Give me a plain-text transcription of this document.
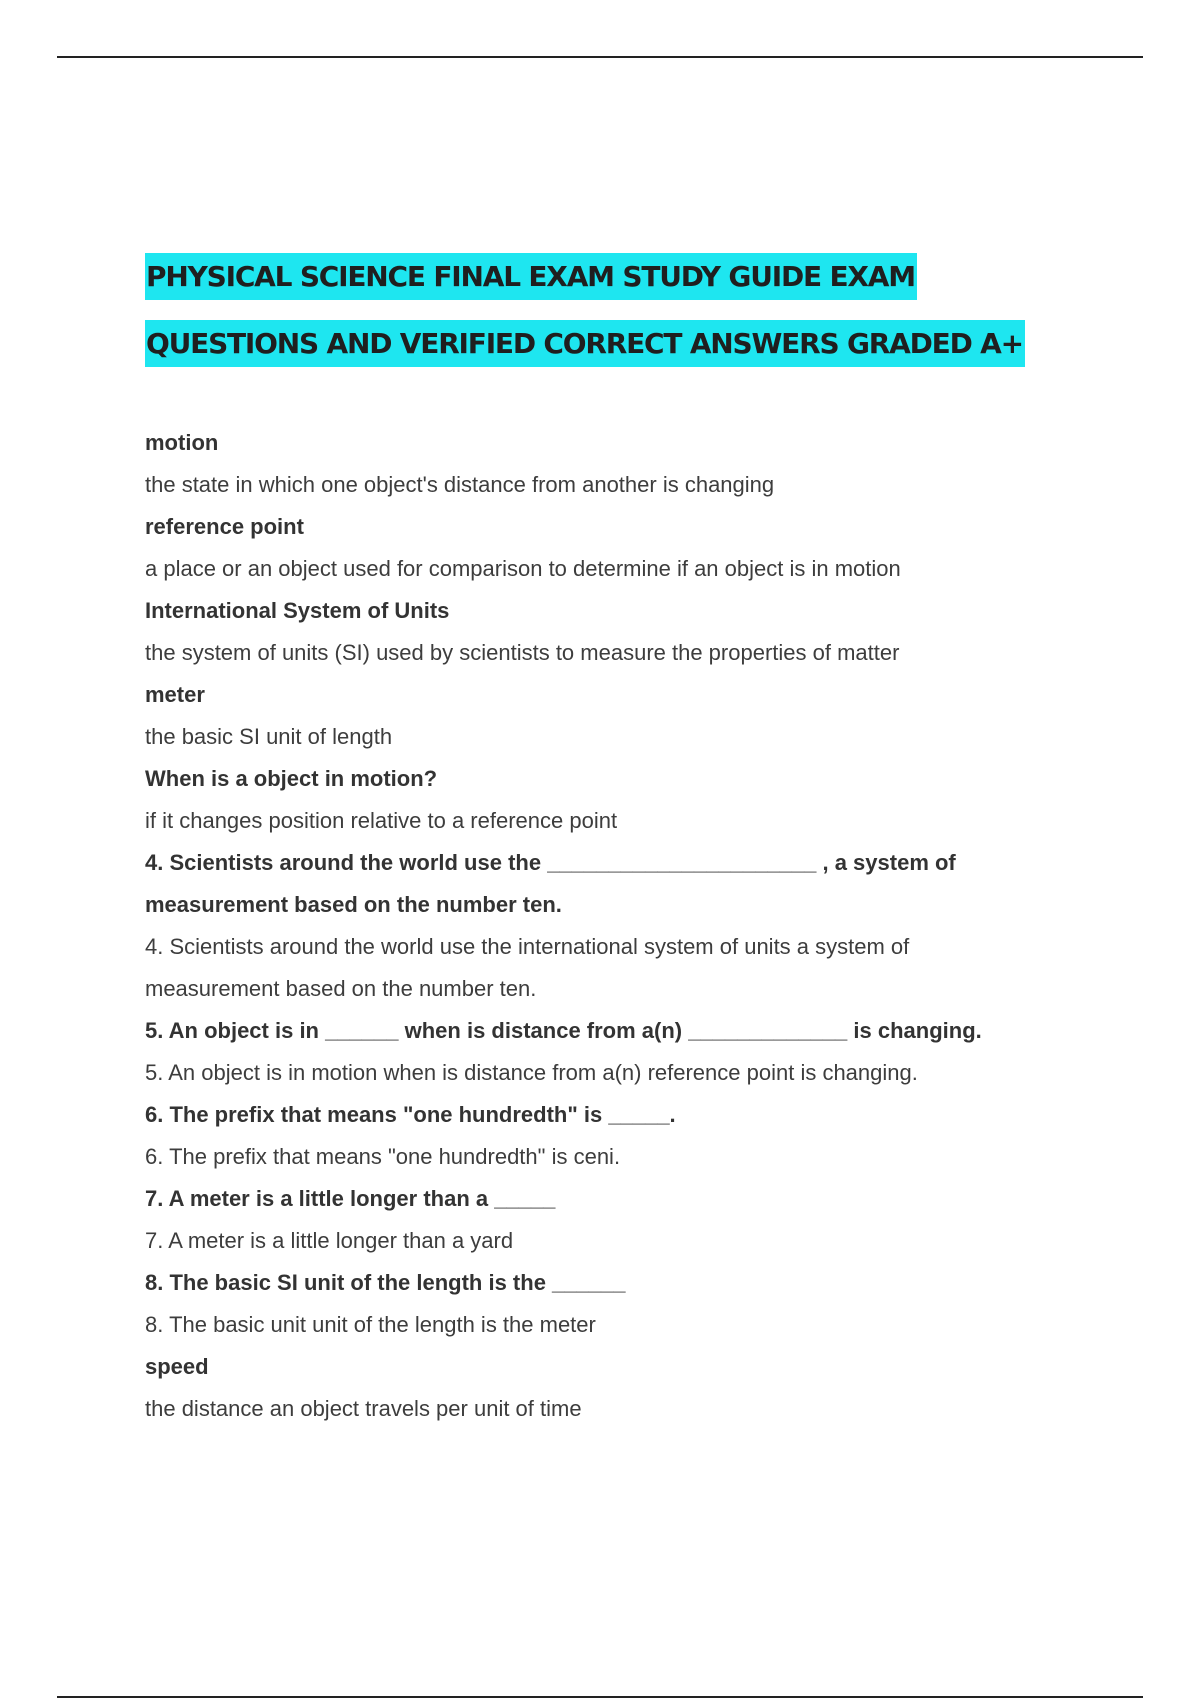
PHYSICAL SCIENCE FINAL EXAM STUDY GUIDE EXAM
QUESTIONS AND VERIFIED CORRECT ANSWERS GRADED A+
motion
the state in which one object's distance from another is changing
reference point
a place or an object used for comparison to determine if an object is in motion
International System of Units
the system of units (SI) used by scientists to measure the properties of matter
meter
the basic SI unit of length
When is a object in motion?
if it changes position relative to a reference point
4. Scientists around the world use the ______________________ , a system of
measurement based on the number ten.
4. Scientists around the world use the international system of units a system of
measurement based on the number ten.
5. An object is in ______ when is distance from a(n) _____________ is changing.
5. An object is in motion when is distance from a(n) reference point is changing.
6. The prefix that means "one hundredth" is _____.
6. The prefix that means "one hundredth" is ceni.
7. A meter is a little longer than a _____
7. A meter is a little longer than a yard
8. The basic SI unit of the length is the ______
8. The basic unit unit of the length is the meter
speed
the distance an object travels per unit of time
